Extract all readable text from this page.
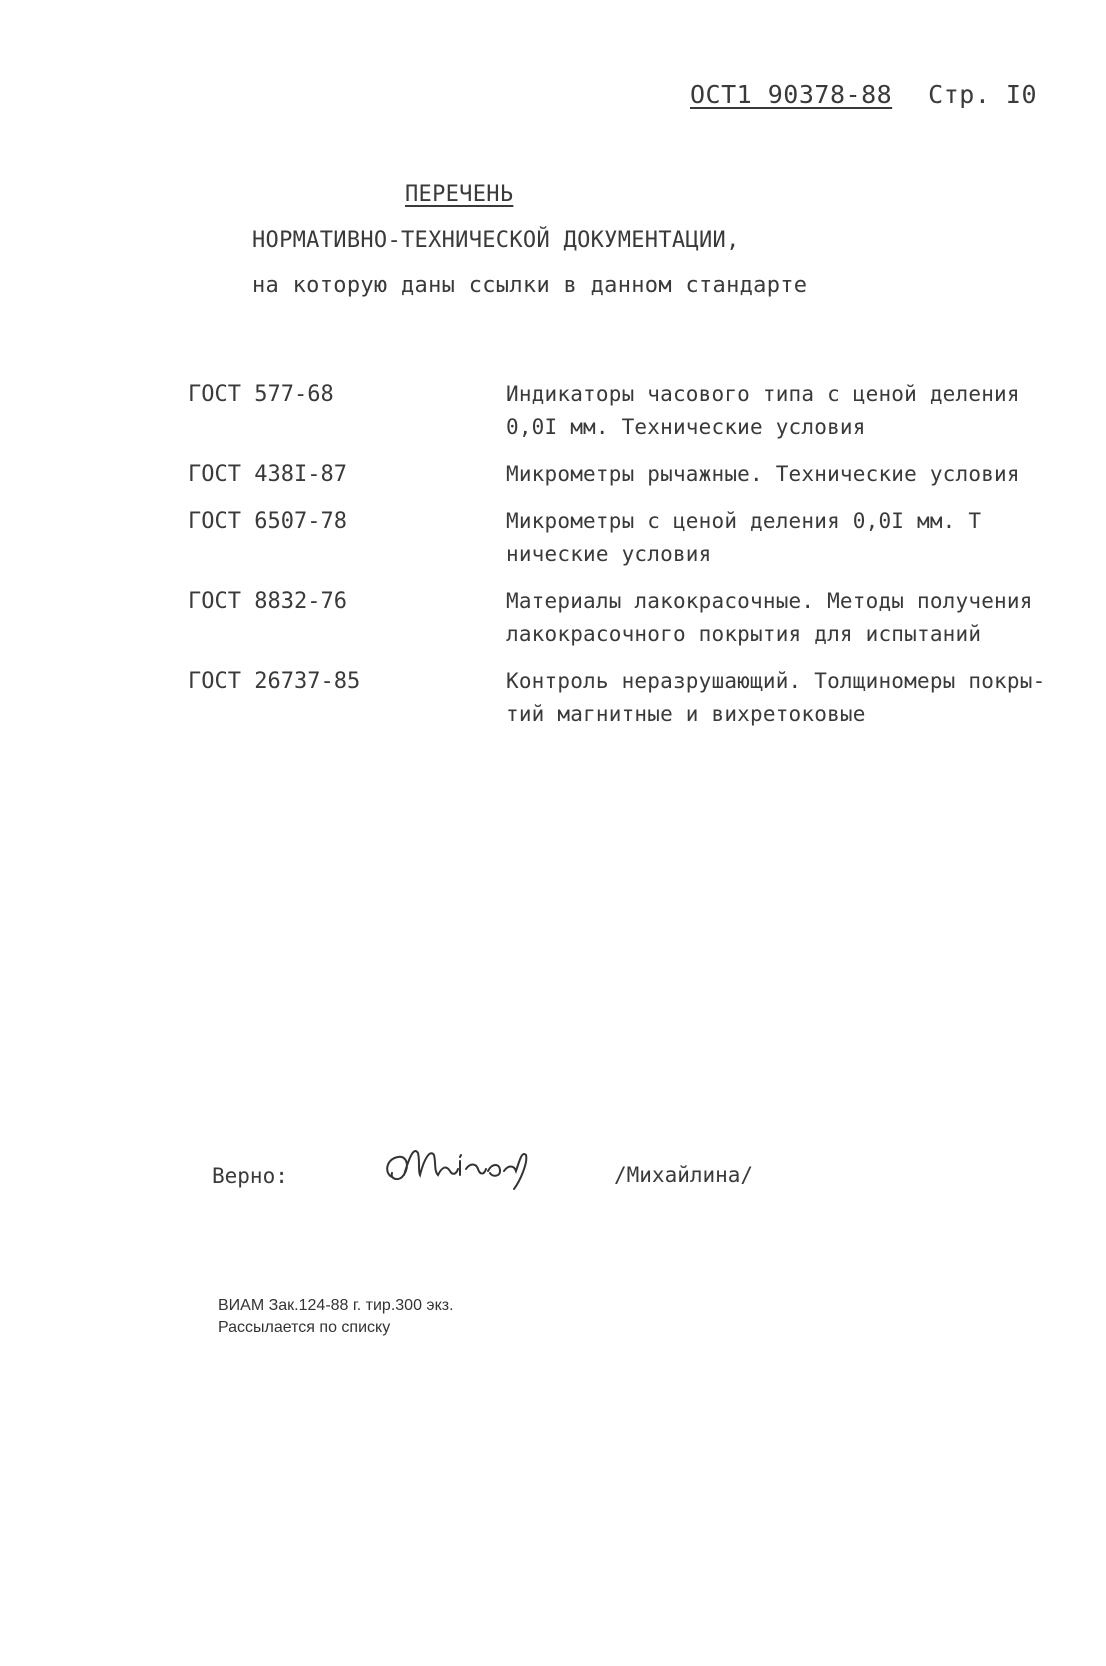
ОСТ1 90378-88 Стр. I0
ПЕРЕЧЕНЬ
НОРМАТИВНО-ТЕХНИЧЕСКОЙ ДОКУМЕНТАЦИИ,
на которую даны ссылки в данном стандарте
ГОСТ 577-68	Индикаторы часового типа с ценой деления
0,0I мм. Технические условия
ГОСТ 438I-87	Микрометры рычажные. Технические условия
ГОСТ 6507-78	Микрометры с ценой деления 0,0I мм. Т
нические условия
ГОСТ 8832-76	Материалы лакокрасочные. Методы получения
лакокрасочного покрытия для испытаний
ГОСТ 26737-85	Контроль неразрушающий. Толщиномеры покры-
тий магнитные и вихретоковые
Верно:	/Михайлина/
ВИАМ Зак.124-88 г. тир.300 экз.
Рассылается по списку
